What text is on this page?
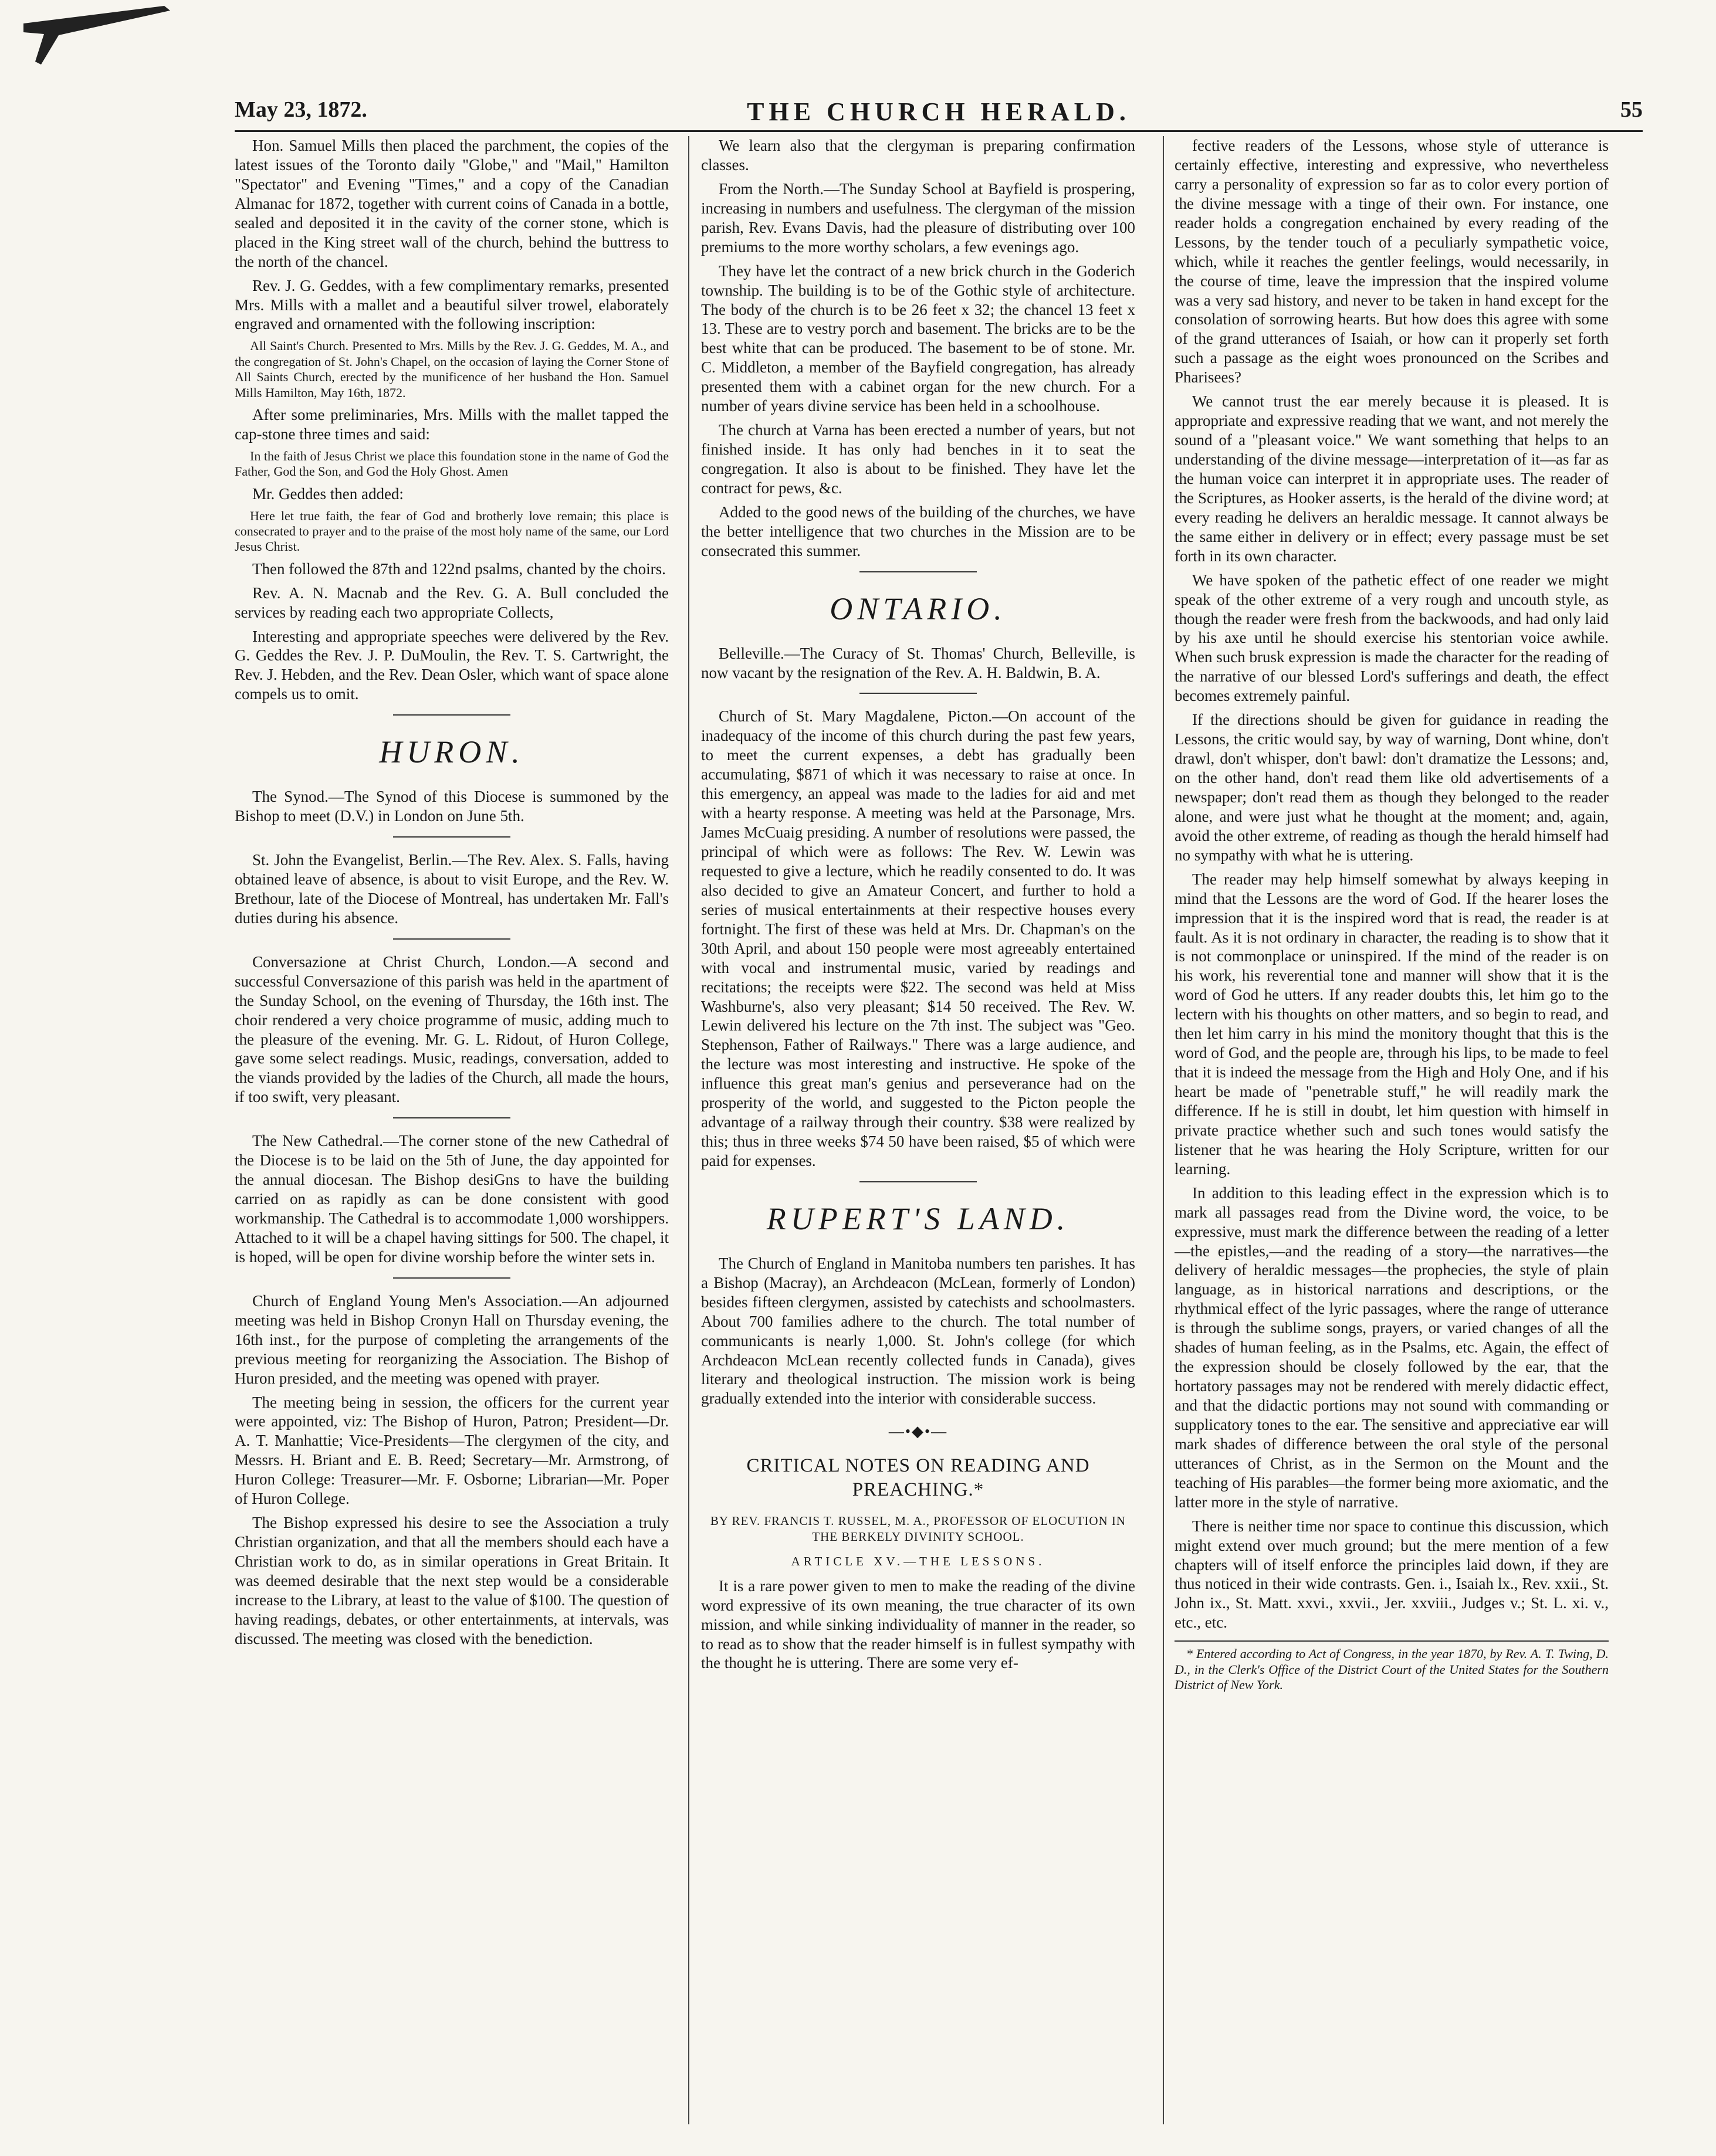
May 23, 1872.	THE CHURCH HERALD.	55

Hon. Samuel Mills then placed the parchment, the copies of the latest issues of the Toronto daily "Globe," and "Mail," Hamilton "Spectator" and Evening "Times," and a copy of the Canadian Almanac for 1872, together with current coins of Canada in a bottle, sealed and deposited it in the cavity of the corner stone, which is placed in the King street wall of the church, behind the buttress to the north of the chancel.

Rev. J. G. Geddes, with a few complimentary remarks, presented Mrs. Mills with a mallet and a beautiful silver trowel, elaborately engraved and ornamented with the following inscription:

All Saint's Church. Presented to Mrs. Mills by the Rev. J. G. Geddes, M. A., and the congregation of St. John's Chapel, on the occasion of laying the Corner Stone of All Saints Church, erected by the munificence of her husband the Hon. Samuel Mills Hamilton, May 16th, 1872.

After some preliminaries, Mrs. Mills with the mallet tapped the cap-stone three times and said:

In the faith of Jesus Christ we place this foundation stone in the name of God the Father, God the Son, and God the Holy Ghost. Amen

Mr. Geddes then added:

Here let true faith, the fear of God and brotherly love remain; this place is consecrated to prayer and to the praise of the most holy name of the same, our Lord Jesus Christ.

Then followed the 87th and 122nd psalms, chanted by the choirs.

Rev. A. N. Macnab and the Rev. G. A. Bull concluded the services by reading each two appropriate Collects,

Interesting and appropriate speeches were delivered by the Rev. G. Geddes the Rev. J. P. DuMoulin, the Rev. T. S. Cartwright, the Rev. J. Hebden, and the Rev. Dean Osler, which want of space alone compels us to omit.

HURON.

The Synod.—The Synod of this Diocese is summoned by the Bishop to meet (D.V.) in London on June 5th.

St. John the Evangelist, Berlin.—The Rev. Alex. S. Falls, having obtained leave of absence, is about to visit Europe, and the Rev. W. Brethour, late of the Diocese of Montreal, has undertaken Mr. Fall's duties during his absence.

Conversazione at Christ Church, London.—A second and successful Conversazione of this parish was held in the apartment of the Sunday School, on the evening of Thursday, the 16th inst. The choir rendered a very choice programme of music, adding much to the pleasure of the evening. Mr. G. L. Ridout, of Huron College, gave some select readings. Music, readings, conversation, added to the viands provided by the ladies of the Church, all made the hours, if too swift, very pleasant.

The New Cathedral.—The corner stone of the new Cathedral of the Diocese is to be laid on the 5th of June, the day appointed for the annual diocesan. The Bishop desiGns to have the building carried on as rapidly as can be done consistent with good workmanship. The Cathedral is to accommodate 1,000 worshippers. Attached to it will be a chapel having sittings for 500. The chapel, it is hoped, will be open for divine worship before the winter sets in.

Church of England Young Men's Association.—An adjourned meeting was held in Bishop Cronyn Hall on Thursday evening, the 16th inst., for the purpose of completing the arrangements of the previous meeting for reorganizing the Association. The Bishop of Huron presided, and the meeting was opened with prayer.

The meeting being in session, the officers for the current year were appointed, viz: The Bishop of Huron, Patron; President—Dr. A. T. Manhattie; Vice-Presidents—The clergymen of the city, and Messrs. H. Briant and E. B. Reed; Secretary—Mr. Armstrong, of Huron College: Treasurer—Mr. F. Osborne; Librarian—Mr. Poper of Huron College.

The Bishop expressed his desire to see the Association a truly Christian organization, and that all the members should each have a Christian work to do, as in similar operations in Great Britain. It was deemed desirable that the next step would be a considerable increase to the Library, at least to the value of $100. The question of having readings, debates, or other entertainments, at intervals, was discussed. The meeting was closed with the benediction.

We learn also that the clergyman is preparing confirmation classes.

From the North.—The Sunday School at Bayfield is prospering, increasing in numbers and usefulness. The clergyman of the mission parish, Rev. Evans Davis, had the pleasure of distributing over 100 premiums to the more worthy scholars, a few evenings ago.

They have let the contract of a new brick church in the Goderich township. The building is to be of the Gothic style of architecture. The body of the church is to be 26 feet x 32; the chancel 13 feet x 13. These are to vestry porch and basement. The bricks are to be the best white that can be produced. The basement to be of stone. Mr. C. Middleton, a member of the Bayfield congregation, has already presented them with a cabinet organ for the new church. For a number of years divine service has been held in a schoolhouse.

The church at Varna has been erected a number of years, but not finished inside. It has only had benches in it to seat the congregation. It also is about to be finished. They have let the contract for pews, &c.

Added to the good news of the building of the churches, we have the better intelligence that two churches in the Mission are to be consecrated this summer.

ONTARIO.

Belleville.—The Curacy of St. Thomas' Church, Belleville, is now vacant by the resignation of the Rev. A. H. Baldwin, B. A.

Church of St. Mary Magdalene, Picton.—On account of the inadequacy of the income of this church during the past few years, to meet the current expenses, a debt has gradually been accumulating, $871 of which it was necessary to raise at once. In this emergency, an appeal was made to the ladies for aid and met with a hearty response. A meeting was held at the Parsonage, Mrs. James McCuaig presiding. A number of resolutions were passed, the principal of which were as follows: The Rev. W. Lewin was requested to give a lecture, which he readily consented to do. It was also decided to give an Amateur Concert, and further to hold a series of musical entertainments at their respective houses every fortnight. The first of these was held at Mrs. Dr. Chapman's on the 30th April, and about 150 people were most agreeably entertained with vocal and instrumental music, varied by readings and recitations; the receipts were $22. The second was held at Miss Washburne's, also very pleasant; $14 50 received. The Rev. W. Lewin delivered his lecture on the 7th inst. The subject was "Geo. Stephenson, Father of Railways." There was a large audience, and the lecture was most interesting and instructive. He spoke of the influence this great man's genius and perseverance had on the prosperity of the world, and suggested to the Picton people the advantage of a railway through their country. $38 were realized by this; thus in three weeks $74 50 have been raised, $5 of which were paid for expenses.

RUPERT'S LAND.

The Church of England in Manitoba numbers ten parishes. It has a Bishop (Macray), an Archdeacon (McLean, formerly of London) besides fifteen clergymen, assisted by catechists and schoolmasters. About 700 families adhere to the church. The total number of communicants is nearly 1,000. St. John's college (for which Archdeacon McLean recently collected funds in Canada), gives literary and theological instruction. The mission work is being gradually extended into the interior with considerable success.

—•◆•—
CRITICAL NOTES ON READING AND PREACHING.*
BY REV. FRANCIS T. RUSSEL, M. A., PROFESSOR OF ELOCUTION IN THE BERKELY DIVINITY SCHOOL.
ARTICLE XV.—THE LESSONS.

It is a rare power given to men to make the reading of the divine word expressive of its own meaning, the true character of its own mission, and while sinking individuality of manner in the reader, so to read as to show that the reader himself is in fullest sympathy with the thought he is uttering. There are some very ef-

fective readers of the Lessons, whose style of utterance is certainly effective, interesting and expressive, who nevertheless carry a personality of expression so far as to color every portion of the divine message with a tinge of their own. For instance, one reader holds a congregation enchained by every reading of the Lessons, by the tender touch of a peculiarly sympathetic voice, which, while it reaches the gentler feelings, would necessarily, in the course of time, leave the impression that the inspired volume was a very sad history, and never to be taken in hand except for the consolation of sorrowing hearts. But how does this agree with some of the grand utterances of Isaiah, or how can it properly set forth such a passage as the eight woes pronounced on the Scribes and Pharisees?

We cannot trust the ear merely because it is pleased. It is appropriate and expressive reading that we want, and not merely the sound of a "pleasant voice." We want something that helps to an understanding of the divine message—interpretation of it—as far as the human voice can interpret it in appropriate uses. The reader of the Scriptures, as Hooker asserts, is the herald of the divine word; at every reading he delivers an heraldic message. It cannot always be the same either in delivery or in effect; every passage must be set forth in its own character.

We have spoken of the pathetic effect of one reader we might speak of the other extreme of a very rough and uncouth style, as though the reader were fresh from the backwoods, and had only laid by his axe until he should exercise his stentorian voice awhile. When such brusk expression is made the character for the reading of the narrative of our blessed Lord's sufferings and death, the effect becomes extremely painful.

If the directions should be given for guidance in reading the Lessons, the critic would say, by way of warning, Dont whine, don't drawl, don't whisper, don't bawl: don't dramatize the Lessons; and, on the other hand, don't read them like old advertisements of a newspaper; don't read them as though they belonged to the reader alone, and were just what he thought at the moment; and, again, avoid the other extreme, of reading as though the herald himself had no sympathy with what he is uttering.

The reader may help himself somewhat by always keeping in mind that the Lessons are the word of God. If the hearer loses the impression that it is the inspired word that is read, the reader is at fault. As it is not ordinary in character, the reading is to show that it is not commonplace or uninspired. If the mind of the reader is on his work, his reverential tone and manner will show that it is the word of God he utters. If any reader doubts this, let him go to the lectern with his thoughts on other matters, and so begin to read, and then let him carry in his mind the monitory thought that this is the word of God, and the people are, through his lips, to be made to feel that it is indeed the message from the High and Holy One, and if his heart be made of "penetrable stuff," he will readily mark the difference. If he is still in doubt, let him question with himself in private practice whether such and such tones would satisfy the listener that he was hearing the Holy Scripture, written for our learning.

In addition to this leading effect in the expression which is to mark all passages read from the Divine word, the voice, to be expressive, must mark the difference between the reading of a letter—the epistles,—and the reading of a story—the narratives—the delivery of heraldic messages—the prophecies, the style of plain language, as in historical narrations and descriptions, or the rhythmical effect of the lyric passages, where the range of utterance is through the sublime songs, prayers, or varied changes of all the shades of human feeling, as in the Psalms, etc. Again, the effect of the expression should be closely followed by the ear, that the hortatory passages may not be rendered with merely didactic effect, and that the didactic portions may not sound with commanding or supplicatory tones to the ear. The sensitive and appreciative ear will mark shades of difference between the oral style of the personal utterances of Christ, as in the Sermon on the Mount and the teaching of His parables—the former being more axiomatic, and the latter more in the style of narrative.

There is neither time nor space to continue this discussion, which might extend over much ground; but the mere mention of a few chapters will of itself enforce the principles laid down, if they are thus noticed in their wide contrasts. Gen. i., Isaiah lx., Rev. xxii., St. John ix., St. Matt. xxvi., xxvii., Jer. xxviii., Judges v.; St. L. xi. v., etc., etc.

* Entered according to Act of Congress, in the year 1870, by Rev. A. T. Twing, D. D., in the Clerk's Office of the District Court of the United States for the Southern District of New York.
